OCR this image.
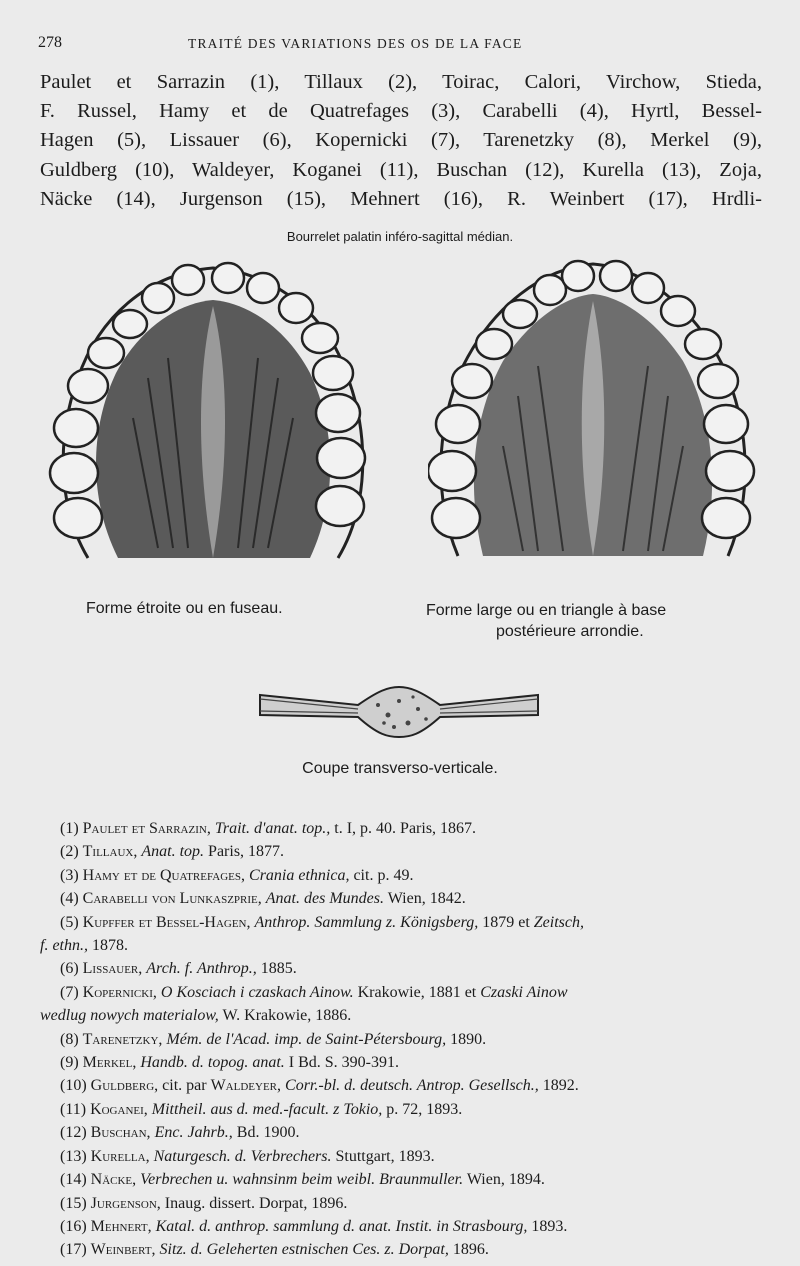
278	TRAITÉ DES VARIATIONS DES OS DE LA FACE
Paulet et Sarrazin (1), Tillaux (2), Toirac, Calori, Virchow, Stieda,
F. Russel, Hamy et de Quatrefages (3), Carabelli (4), Hyrtl, Bessel-
Hagen (5), Lissauer (6), Kopernicki (7), Tarenetzky (8), Merkel (9),
Guldberg (10), Waldeyer, Koganei (11), Buschan (12), Kurella (13), Zoja,
Näcke (14), Jurgenson (15), Mehnert (16), R. Weinbert (17), Hrdli-
Bourrelet palatin inféro-sagittal médian.
Forme étroite ou en fuseau.	Forme large ou en triangle à base
postérieure arrondie.
Coupe transverso-verticale.
(1) Paulet et Sarrazin, Trait. d'anat. top., t. I, p. 40. Paris, 1867.
(2) Tillaux, Anat. top. Paris, 1877.
(3) Hamy et de Quatrefages, Crania ethnica, cit. p. 49.
(4) Carabelli von Lunkaszprie, Anat. des Mundes. Wien, 1842.
(5) Kupffer et Bessel-Hagen, Anthrop. Sammlung z. Königsberg, 1879 et Zeitsch,
f. ethn., 1878.
(6) Lissauer, Arch. f. Anthrop., 1885.
(7) Kopernicki, O Kosciach i czaskach Ainow. Krakowie, 1881 et Czaski Ainow
wedlug nowych materialow, W. Krakowie, 1886.
(8) Tarenetzky, Mém. de l'Acad. imp. de Saint-Pétersbourg, 1890.
(9) Merkel, Handb. d. topog. anat. I Bd. S. 390-391.
(10) Guldberg, cit. par Waldeyer, Corr.-bl. d. deutsch. Antrop. Gesellsch., 1892.
(11) Koganei, Mittheil. aus d. med.-facult. z Tokio, p. 72, 1893.
(12) Buschan, Enc. Jahrb., Bd. 1900.
(13) Kurella, Naturgesch. d. Verbrechers. Stuttgart, 1893.
(14) Näcke, Verbrechen u. wahnsinm beim weibl. Braunmuller. Wien, 1894.
(15) Jurgenson, Inaug. dissert. Dorpat, 1896.
(16) Mehnert, Katal. d. anthrop. sammlung d. anat. Instit. in Strasbourg, 1893.
(17) Weinbert, Sitz. d. Geleherten estnischen Ces. z. Dorpat, 1896.
